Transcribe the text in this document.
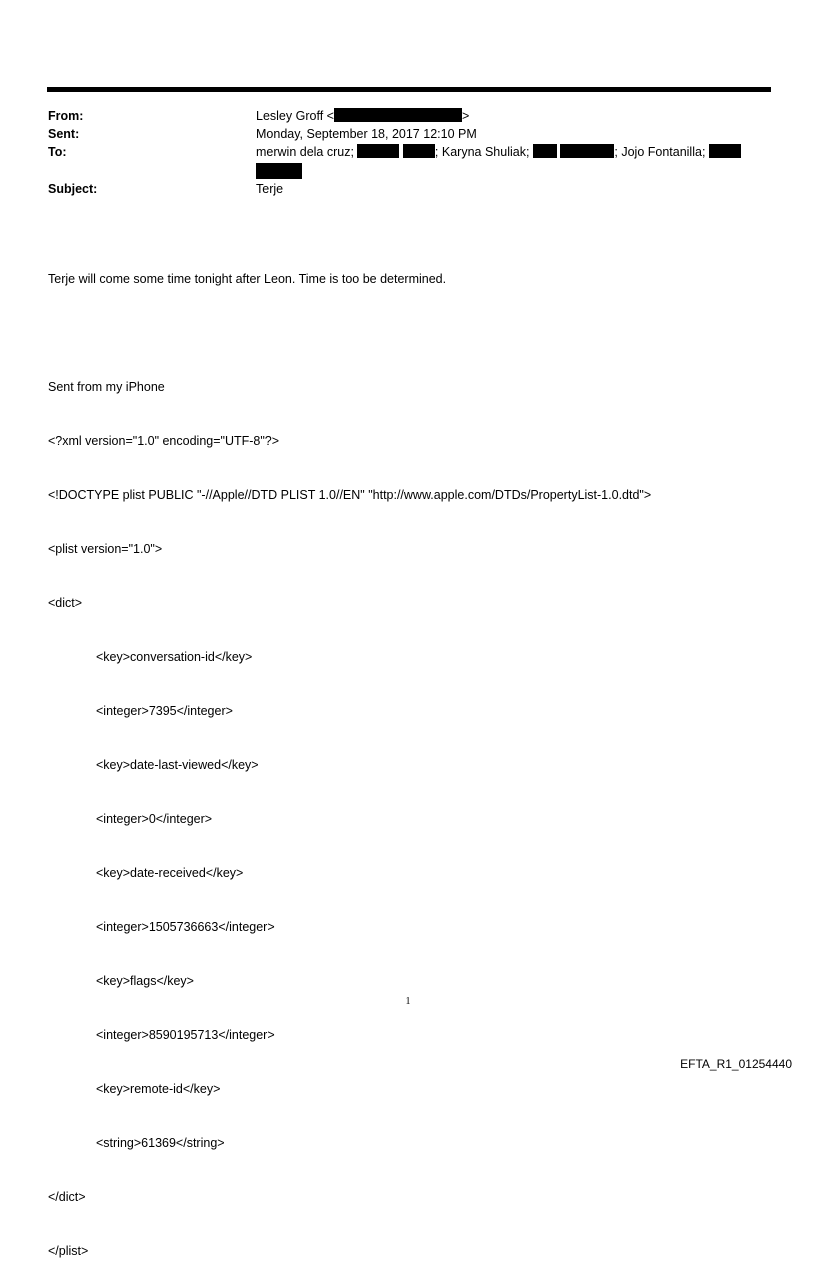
From:	Lesley Groff <	>
Sent:	Monday, September 18, 2017 12:10 PM
To:	merwin dela cruz;	; Karyna Shuliak;	; Jojo Fontanilla;
Subject:	Terje

Terje will come some time tonight after Leon. Time is too be determined.

Sent from my iPhone

<?xml version="1.0" encoding="UTF-8"?>

<!DOCTYPE plist PUBLIC "-//Apple//DTD PLIST 1.0//EN" "http://www.apple.com/DTDs/PropertyList-1.0.dtd">

<plist version="1.0">

<dict>

<key>conversation-id</key>

<integer>7395</integer>

<key>date-last-viewed</key>

<integer>0</integer>

<key>date-received</key>

<integer>1505736663</integer>

<key>flags</key>

<integer>8590195713</integer>

<key>remote-id</key>

<string>61369</string>

</dict>

</plist>

1
EFTA_R1_01254440
